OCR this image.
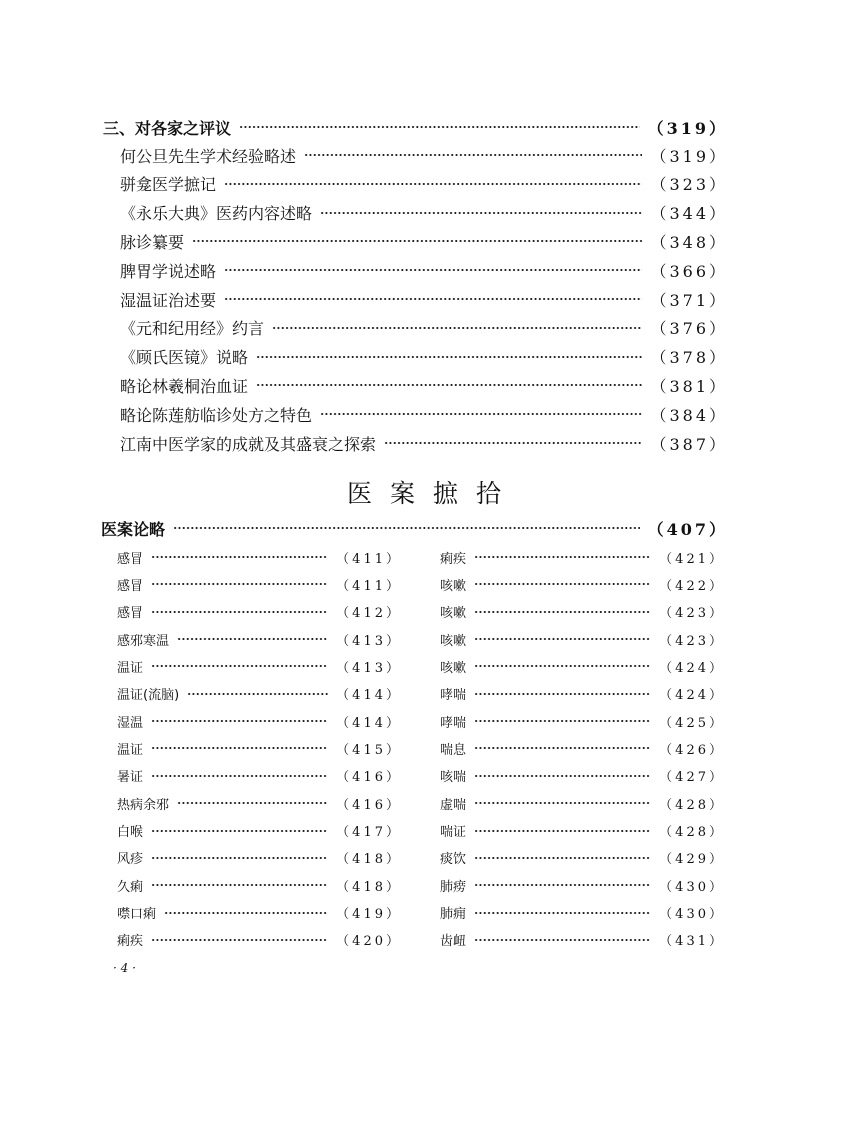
三、对各家之评议	（319）
何公旦先生学术经验略述	（319）
骈龛医学摭记	（323）
《永乐大典》医药内容述略	（344）
脉诊纂要	（348）
脾胃学说述略	（366）
湿温证治述要	（371）
《元和纪用经》约言	（376）
《顾氏医镜》说略	（378）
略论林羲桐治血证	（381）
略论陈莲舫临诊处方之特色	（384）
江南中医学家的成就及其盛衰之探索	（387）
医案摭拾
医案论略	（407）
感冒	（411）
感冒	（411）
感冒	（412）
感邪寒温	（413）
温证	（413）
温证(流脑)	（414）
湿温	（414）
温证	（415）
暑证	（416）
热病余邪	（416）
白喉	（417）
风疹	（418）
久痢	（418）
噤口痢	（419）
痢疾	（420）
痢疾	（421）
咳嗽	（422）
咳嗽	（423）
咳嗽	（423）
咳嗽	（424）
哮喘	（424）
哮喘	（425）
喘息	（426）
咳喘	（427）
虚喘	（428）
喘证	（428）
痰饮	（429）
肺痨	（430）
肺痈	（430）
齿衄	（431）
· 4 ·
